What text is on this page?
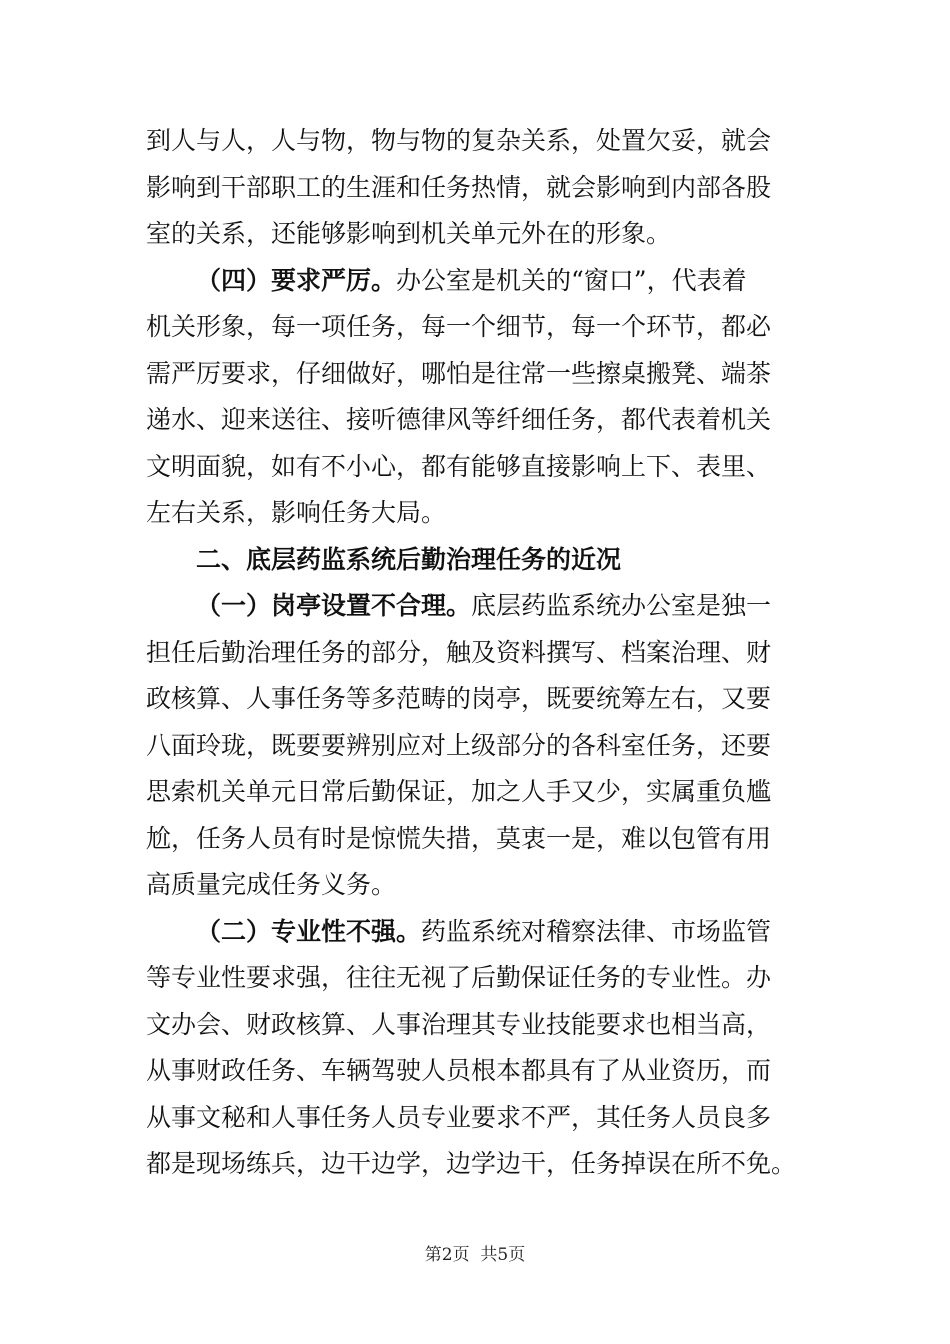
到人与人，人与物，物与物的复杂关系，处置欠妥，就会
影响到干部职工的生涯和任务热情，就会影响到内部各股
室的关系，还能够影响到机关单元外在的形象。
（四）要求严厉。办公室是机关的“窗口”，代表着
机关形象，每一项任务，每一个细节，每一个环节，都必
需严厉要求，仔细做好，哪怕是往常一些擦桌搬凳、端茶
递水、迎来送往、接听德律风等纤细任务，都代表着机关
文明面貌，如有不小心，都有能够直接影响上下、表里、
左右关系，影响任务大局。
二、底层药监系统后勤治理任务的近况
（一）岗亭设置不合理。底层药监系统办公室是独一
担任后勤治理任务的部分，触及资料撰写、档案治理、财
政核算、人事任务等多范畴的岗亭，既要统筹左右，又要
八面玲珑，既要要辨别应对上级部分的各科室任务，还要
思索机关单元日常后勤保证，加之人手又少，实属重负尴
尬，任务人员有时是惊慌失措，莫衷一是，难以包管有用
高质量完成任务义务。
（二）专业性不强。药监系统对稽察法律、市场监管
等专业性要求强，往往无视了后勤保证任务的专业性。办
文办会、财政核算、人事治理其专业技能要求也相当高，
从事财政任务、车辆驾驶人员根本都具有了从业资历，而
从事文秘和人事任务人员专业要求不严，其任务人员良多
都是现场练兵，边干边学，边学边干，任务掉误在所不免。
第2页  共5页
